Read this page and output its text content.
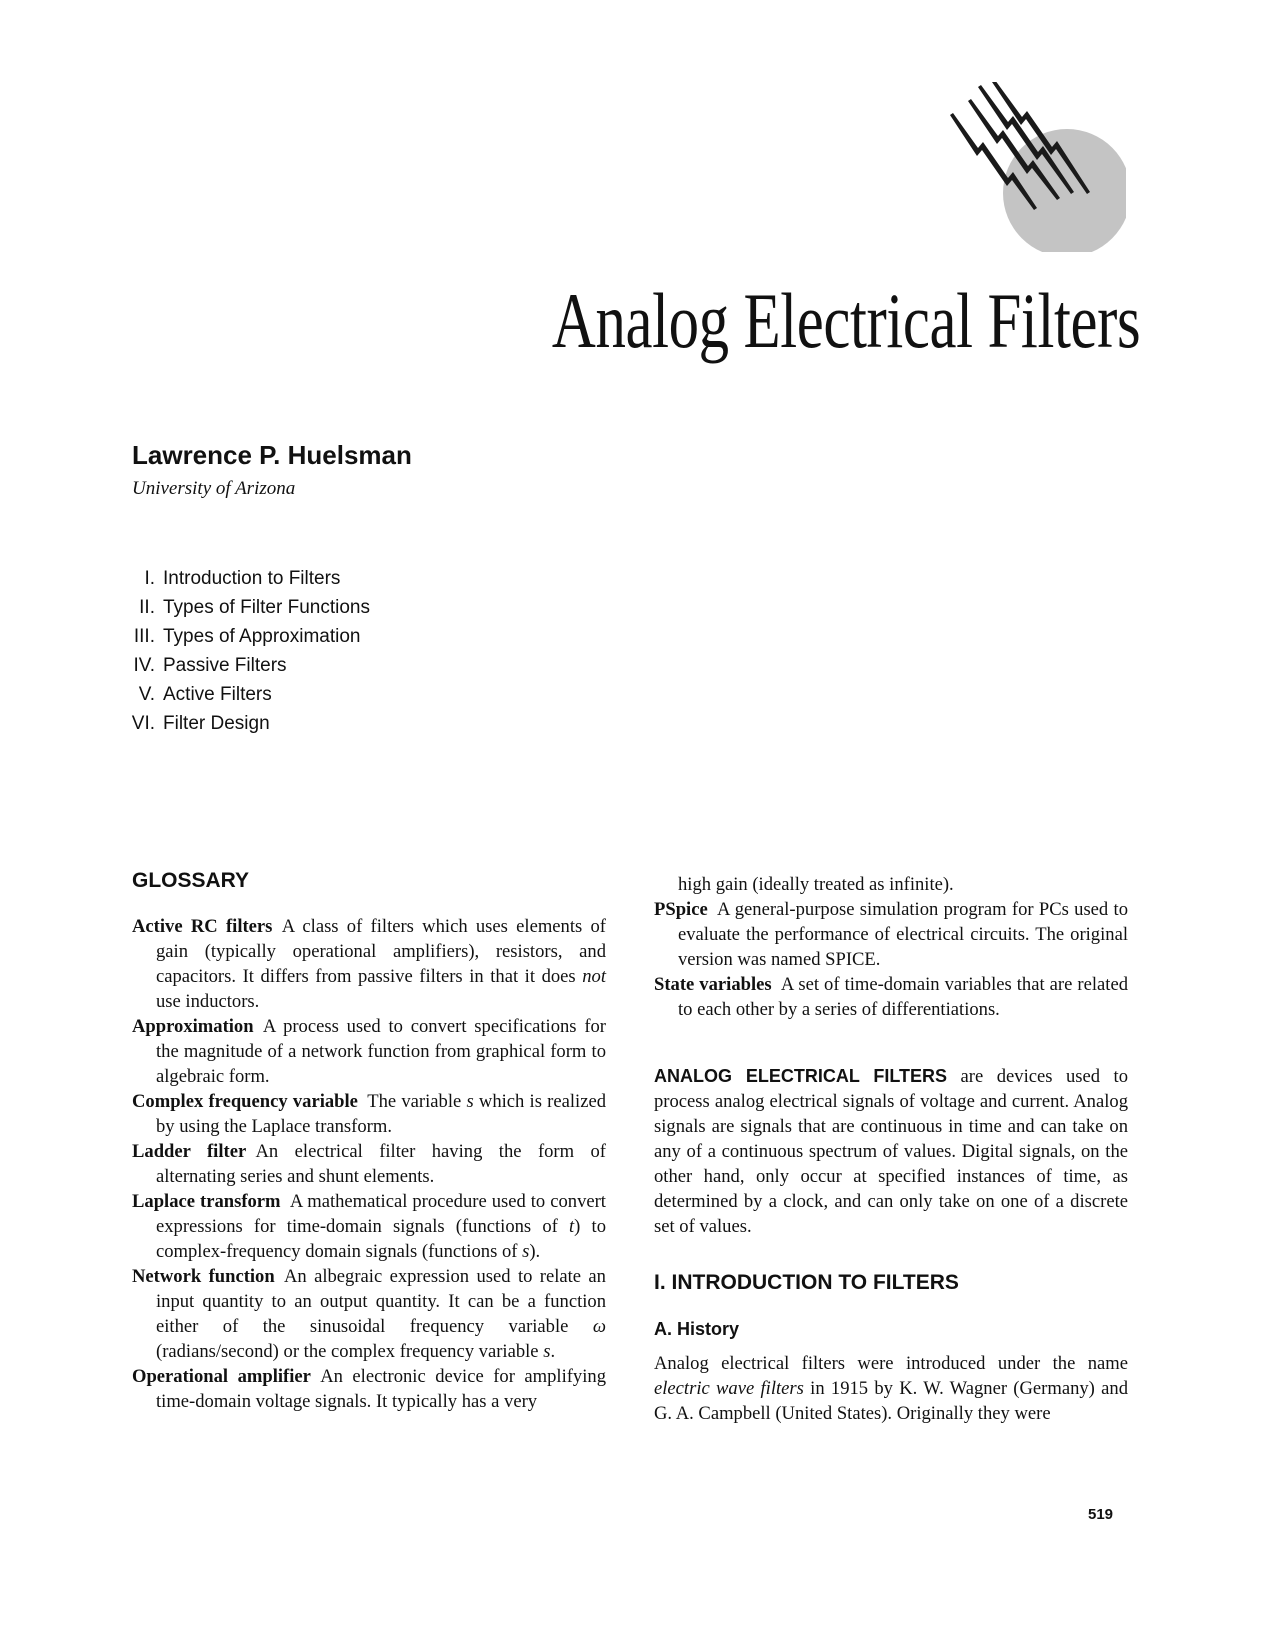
Analog Electrical Filters
Lawrence P. Huelsman
University of Arizona
I. Introduction to Filters
II. Types of Filter Functions
III. Types of Approximation
IV. Passive Filters
V. Active Filters
VI. Filter Design
GLOSSARY

Active RC filters  A class of filters which uses elements of gain (typically operational amplifiers), resistors, and capacitors. It differs from passive filters in that it does not use inductors.

Approximation  A process used to convert specifications for the magnitude of a network function from graphical form to algebraic form.

Complex frequency variable  The variable s which is realized by using the Laplace transform.

Ladder filter  An electrical filter having the form of alternating series and shunt elements.

Laplace transform  A mathematical procedure used to convert expressions for time-domain signals (functions of t) to complex-frequency domain signals (functions of s).

Network function  An albegraic expression used to relate an input quantity to an output quantity. It can be a function either of the sinusoidal frequency variable ω (radians/second) or the complex frequency variable s.

Operational amplifier  An electronic device for amplifying time-domain voltage signals. It typically has a very

high gain (ideally treated as infinite).

PSpice  A general-purpose simulation program for PCs used to evaluate the performance of electrical circuits. The original version was named SPICE.

State variables  A set of time-domain variables that are related to each other by a series of differentiations.

ANALOG ELECTRICAL FILTERS are devices used to process analog electrical signals of voltage and current. Analog signals are signals that are continuous in time and can take on any of a continuous spectrum of values. Digital signals, on the other hand, only occur at specified instances of time, as determined by a clock, and can only take on one of a discrete set of values.

I. INTRODUCTION TO FILTERS
A. History

Analog electrical filters were introduced under the name electric wave filters in 1915 by K. W. Wagner (Germany) and G. A. Campbell (United States). Originally they were

519
